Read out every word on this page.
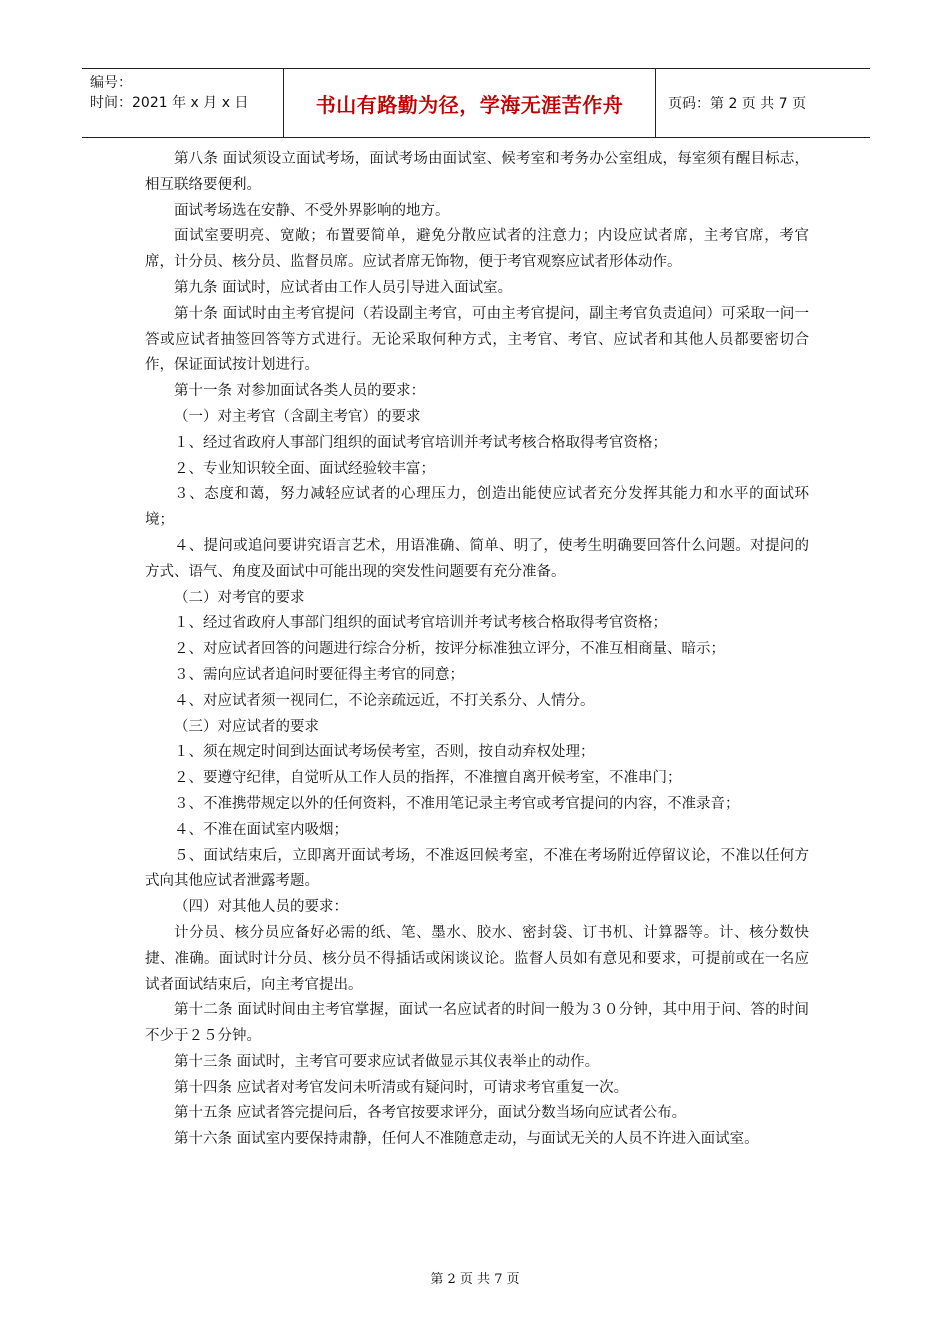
编号：
时间：2021 年 x 月 x 日	书山有路勤为径，学海无涯苦作舟	页码：第 2 页 共 7 页

第八条 面试须设立面试考场，面试考场由面试室、候考室和考务办公室组成，每室须有醒目标志，相互联络要便利。

面试考场选在安静、不受外界影响的地方。

面试室要明亮、宽敞；布置要简单，避免分散应试者的注意力；内设应试者席，主考官席，考官席，计分员、核分员、监督员席。应试者席无饰物，便于考官观察应试者形体动作。

第九条 面试时，应试者由工作人员引导进入面试室。

第十条 面试时由主考官提问（若设副主考官，可由主考官提问，副主考官负责追问）可采取一问一答或应试者抽签回答等方式进行。无论采取何种方式，主考官、考官、应试者和其他人员都要密切合作，保证面试按计划进行。

第十一条 对参加面试各类人员的要求：

（一）对主考官（含副主考官）的要求

１、经过省政府人事部门组织的面试考官培训并考试考核合格取得考官资格；

２、专业知识较全面、面试经验较丰富；

３、态度和蔼，努力减轻应试者的心理压力，创造出能使应试者充分发挥其能力和水平的面试环境；

４、提问或追问要讲究语言艺术，用语准确、简单、明了，使考生明确要回答什么问题。对提问的方式、语气、角度及面试中可能出现的突发性问题要有充分准备。

（二）对考官的要求

１、经过省政府人事部门组织的面试考官培训并考试考核合格取得考官资格；

２、对应试者回答的问题进行综合分析，按评分标准独立评分，不准互相商量、暗示；

３、需向应试者追问时要征得主考官的同意；

４、对应试者须一视同仁，不论亲疏远近，不打关系分、人情分。

（三）对应试者的要求

１、须在规定时间到达面试考场侯考室，否则，按自动弃权处理；

２、要遵守纪律，自觉听从工作人员的指挥，不准擅自离开候考室，不准串门；

３、不准携带规定以外的任何资料，不准用笔记录主考官或考官提问的内容，不准录音；

４、不准在面试室内吸烟；

５、面试结束后，立即离开面试考场，不准返回候考室，不准在考场附近停留议论，不准以任何方式向其他应试者泄露考题。

（四）对其他人员的要求：

计分员、核分员应备好必需的纸、笔、墨水、胶水、密封袋、订书机、计算器等。计、核分数快捷、准确。面试时计分员、核分员不得插话或闲谈议论。监督人员如有意见和要求，可提前或在一名应试者面试结束后，向主考官提出。

第十二条 面试时间由主考官掌握，面试一名应试者的时间一般为３０分钟，其中用于问、答的时间不少于２５分钟。

第十三条 面试时，主考官可要求应试者做显示其仪表举止的动作。

第十四条 应试者对考官发问未听清或有疑问时，可请求考官重复一次。

第十五条 应试者答完提问后，各考官按要求评分，面试分数当场向应试者公布。

第十六条 面试室内要保持肃静，任何人不准随意走动，与面试无关的人员不许进入面试室。

第 2 页 共 7 页
